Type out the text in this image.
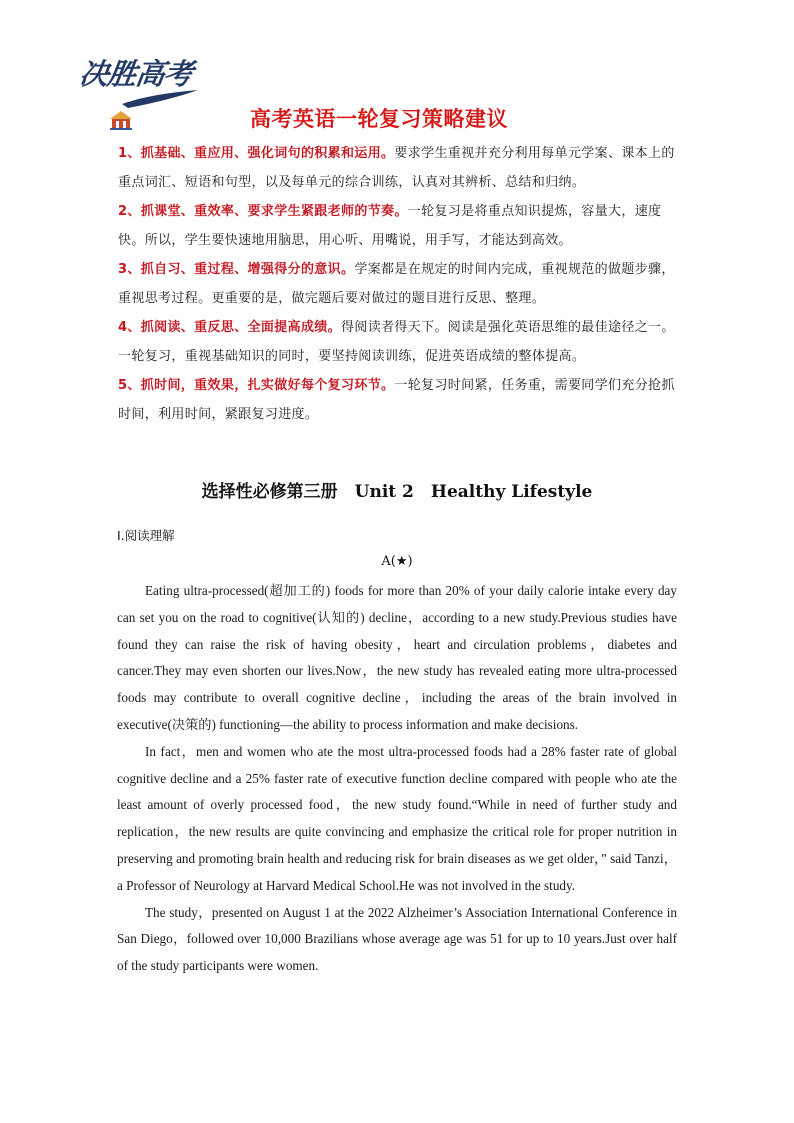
决胜高考
高考英语一轮复习策略建议

1、抓基础、重应用、强化词句的积累和运用。要求学生重视并充分利用每单元学案、课本上的重点词汇、短语和句型，以及每单元的综合训练，认真对其辨析、总结和归纳。

2、抓课堂、重效率、要求学生紧跟老师的节奏。一轮复习是将重点知识提炼，容量大，速度快。所以，学生要快速地用脑思，用心听、用嘴说，用手写，才能达到高效。

3、抓自习、重过程、增强得分的意识。学案都是在规定的时间内完成，重视规范的做题步骤，重视思考过程。更重要的是，做完题后要对做过的题目进行反思、整理。

4、抓阅读、重反思、全面提高成绩。得阅读者得天下。阅读是强化英语思维的最佳途径之一。一轮复习，重视基础知识的同时，要坚持阅读训练，促进英语成绩的整体提高。

5、抓时间，重效果，扎实做好每个复习环节。一轮复习时间紧，任务重，需要同学们充分抢抓时间，利用时间，紧跟复习进度。

选择性必修第三册　Unit 2　Healthy Lifestyle
Ⅰ.阅读理解
A(★)

Eating ultra-processed(超加工的) foods for more than 20% of your daily calorie intake every day can set you on the road to cognitive(认知的) decline，according to a new study.Previous studies have found they can raise the risk of having obesity，heart and circulation problems，diabetes and cancer.They may even shorten our lives.Now，the new study has revealed eating more ultra-processed foods may contribute to overall cognitive decline，including the areas of the brain involved in executive(决策的) functioning—the ability to process information and make decisions.

In fact，men and women who ate the most ultra-processed foods had a 28% faster rate of global cognitive decline and a 25% faster rate of executive function decline compared with people who ate the least amount of overly processed food，the new study found.“While in need of further study and replication，the new results are quite convincing and emphasize the critical role for proper nutrition in preserving and promoting brain health and reducing risk for brain diseases as we get older，” said Tanzi，a Professor of Neurology at Harvard Medical School.He was not involved in the study.

The study，presented on August 1 at the 2022 Alzheimer’s Association International Conference in San Diego，followed over 10,000 Brazilians whose average age was 51 for up to 10 years.Just over half of the study participants were women.
